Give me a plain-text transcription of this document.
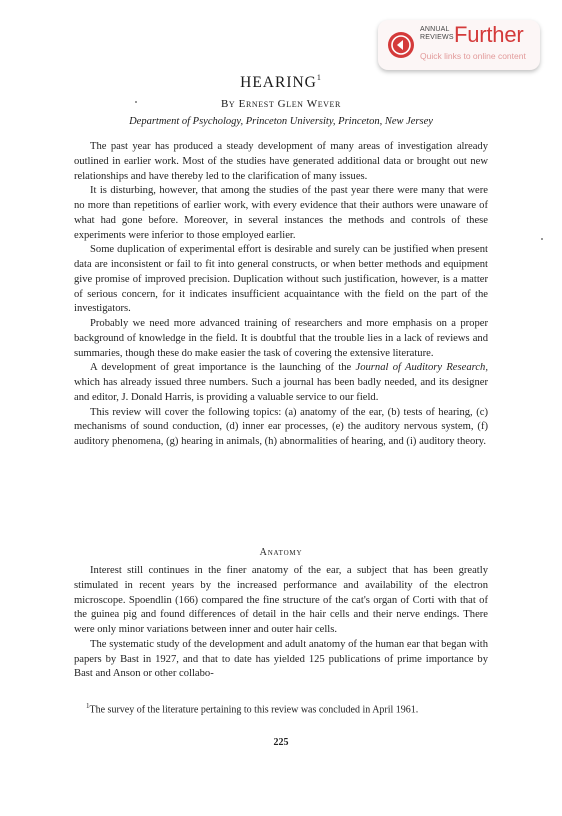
ANNUAL
REVIEWS Further
Quick links to online content
HEARING$^1$
By Ernest Glen Wever
Department of Psychology, Princeton University, Princeton, New Jersey

The past year has produced a steady development of many areas of investigation already outlined in earlier work. Most of the studies have generated additional data or brought out new relationships and have thereby led to the clarification of many issues.

It is disturbing, however, that among the studies of the past year there were many that were no more than repetitions of earlier work, with every evidence that their authors were unaware of what had gone before. Moreover, in several instances the methods and controls of these experiments were inferior to those employed earlier.

Some duplication of experimental effort is desirable and surely can be justified when present data are inconsistent or fail to fit into general constructs, or when better methods and equipment give promise of improved precision. Duplication without such justification, however, is a matter of serious concern, for it indicates insufficient acquaintance with the field on the part of the investigators.

Probably we need more advanced training of researchers and more emphasis on a proper background of knowledge in the field. It is doubtful that the trouble lies in a lack of reviews and summaries, though these do make easier the task of covering the extensive literature.

A development of great importance is the launching of the Journal of Auditory Research, which has already issued three numbers. Such a journal has been badly needed, and its designer and editor, J. Donald Harris, is providing a valuable service to our field.

This review will cover the following topics: (a) anatomy of the ear, (b) tests of hearing, (c) mechanisms of sound conduction, (d) inner ear processes, (e) the auditory nervous system, (f) auditory phenomena, (g) hearing in animals, (h) abnormalities of hearing, and (i) auditory theory.

Anatomy

Interest still continues in the finer anatomy of the ear, a subject that has been greatly stimulated in recent years by the increased performance and availability of the electron microscope. Spoendlin (166) compared the fine structure of the cat's organ of Corti with that of the guinea pig and found differences of detail in the hair cells and their nerve endings. There were only minor variations between inner and outer hair cells.

The systematic study of the development and adult anatomy of the human ear that began with papers by Bast in 1927, and that to date has yielded 125 publications of prime importance by Bast and Anson or other collabo-

$^1$The survey of the literature pertaining to this review was concluded in April 1961.
225
